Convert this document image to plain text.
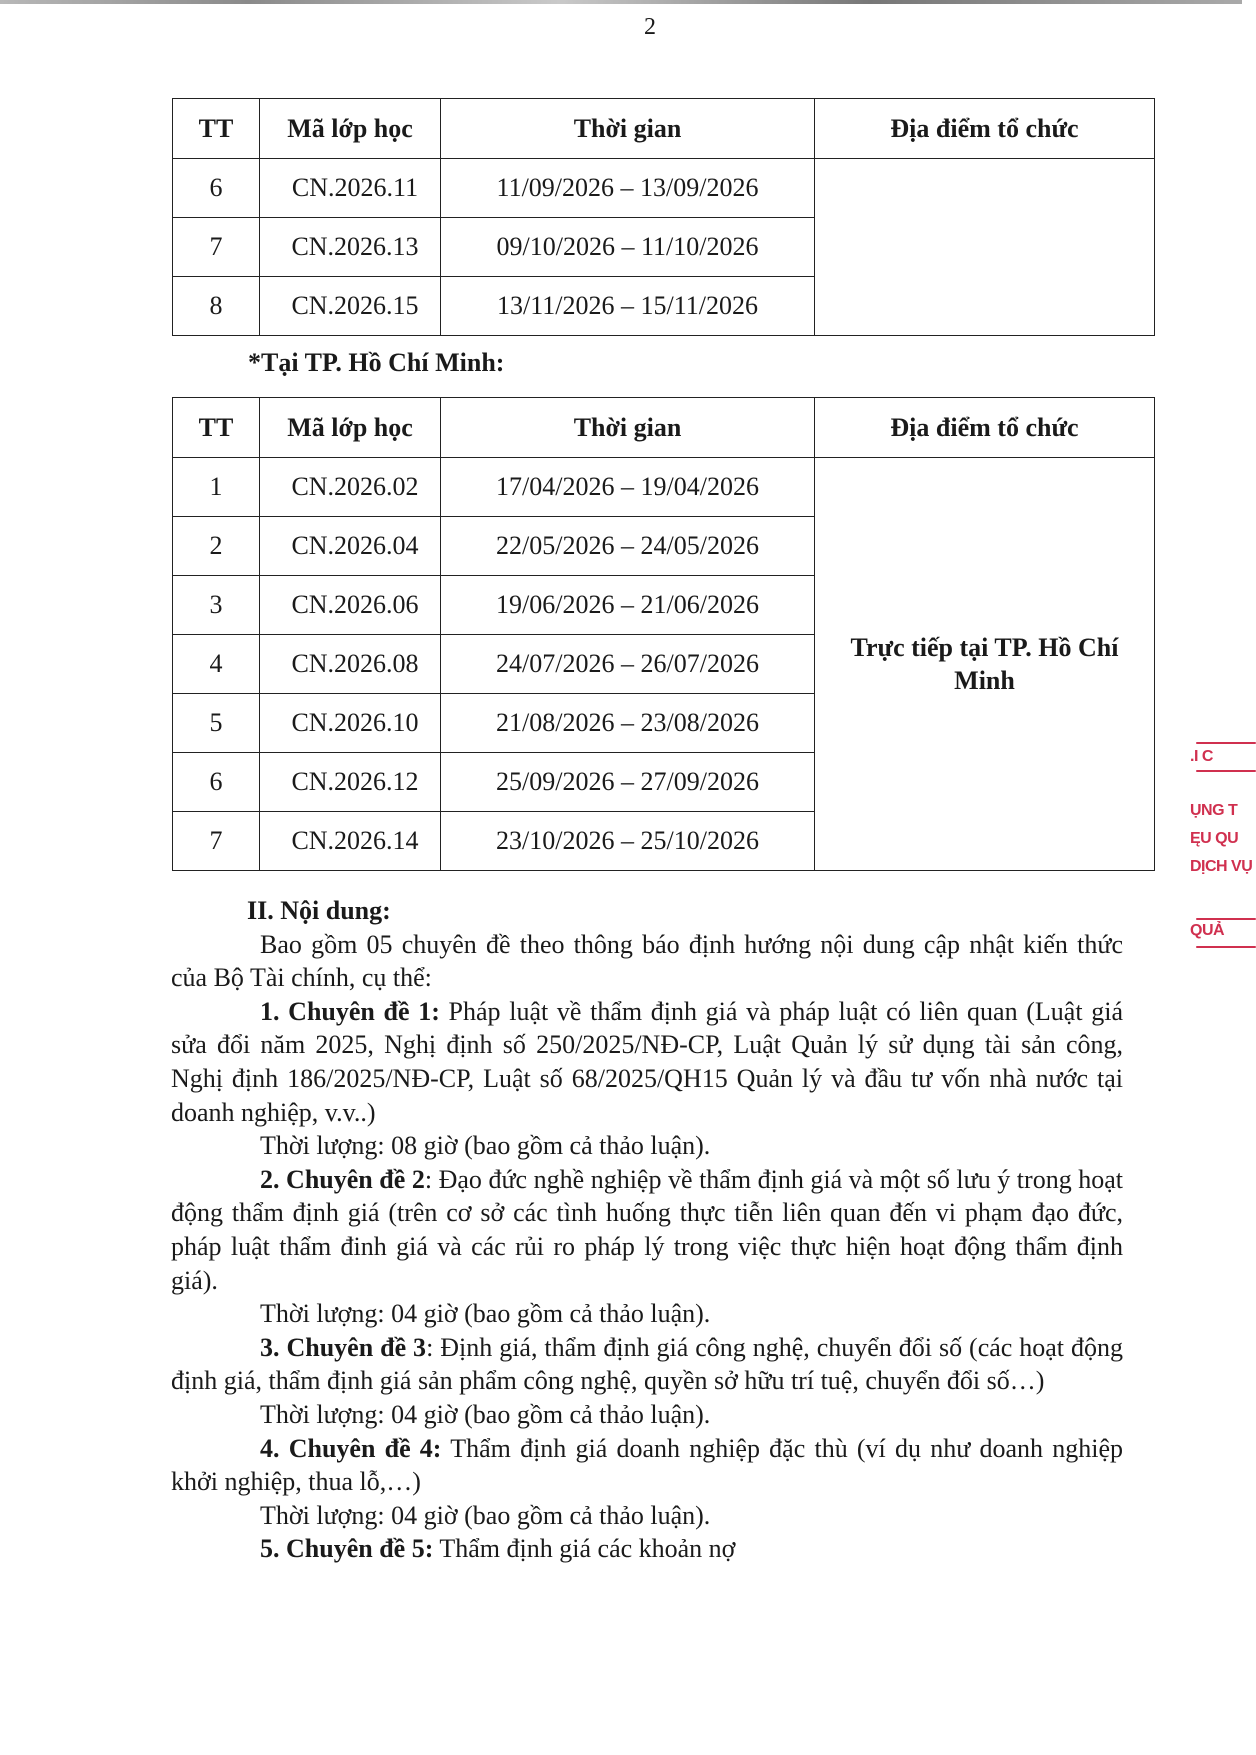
2
TT	Mã lớp học	Thời gian	Địa điểm tổ chức
6	CN.2026.11	11/09/2026 – 13/09/2026	
7	CN.2026.13	09/10/2026 – 11/10/2026
8	CN.2026.15	13/11/2026 – 15/11/2026
*Tại TP. Hồ Chí Minh:
TT	Mã lớp học	Thời gian	Địa điểm tổ chức
1	CN.2026.02	17/04/2026 – 19/04/2026	Trực tiếp tại TP. Hồ Chí Minh
2	CN.2026.04	22/05/2026 – 24/05/2026
3	CN.2026.06	19/06/2026 – 21/06/2026
4	CN.2026.08	24/07/2026 – 26/07/2026
5	CN.2026.10	21/08/2026 – 23/08/2026
6	CN.2026.12	25/09/2026 – 27/09/2026
7	CN.2026.14	23/10/2026 – 25/10/2026

II. Nội dung:

Bao gồm 05 chuyên đề theo thông báo định hướng nội dung cập nhật kiến thức của Bộ Tài chính, cụ thể:

1. Chuyên đề 1: Pháp luật về thẩm định giá và pháp luật có liên quan (Luật giá sửa đổi năm 2025, Nghị định số 250/2025/NĐ-CP, Luật Quản lý sử dụng tài sản công, Nghị định 186/2025/NĐ-CP, Luật số 68/2025/QH15 Quản lý và đầu tư vốn nhà nước tại doanh nghiệp, v.v..)

Thời lượng: 08 giờ (bao gồm cả thảo luận).

2. Chuyên đề 2: Đạo đức nghề nghiệp về thẩm định giá và một số lưu ý trong hoạt động thẩm định giá (trên cơ sở các tình huống thực tiễn liên quan đến vi phạm đạo đức, pháp luật thẩm đinh giá và các rủi ro pháp lý trong việc thực hiện hoạt động thẩm định giá).

Thời lượng: 04 giờ (bao gồm cả thảo luận).

3. Chuyên đề 3: Định giá, thẩm định giá công nghệ, chuyển đổi số (các hoạt động định giá, thẩm định giá sản phẩm công nghệ, quyền sở hữu trí tuệ, chuyển đổi số…)

Thời lượng: 04 giờ (bao gồm cả thảo luận).

4. Chuyên đề 4: Thẩm định giá doanh nghiệp đặc thù (ví dụ như doanh nghiệp khởi nghiệp, thua lỗ,…)

Thời lượng: 04 giờ (bao gồm cả thảo luận).

5. Chuyên đề 5: Thẩm định giá các khoản nợ

.I C
ỤNG T
ĘU QU
DỊCH VỤ
QUẢ
